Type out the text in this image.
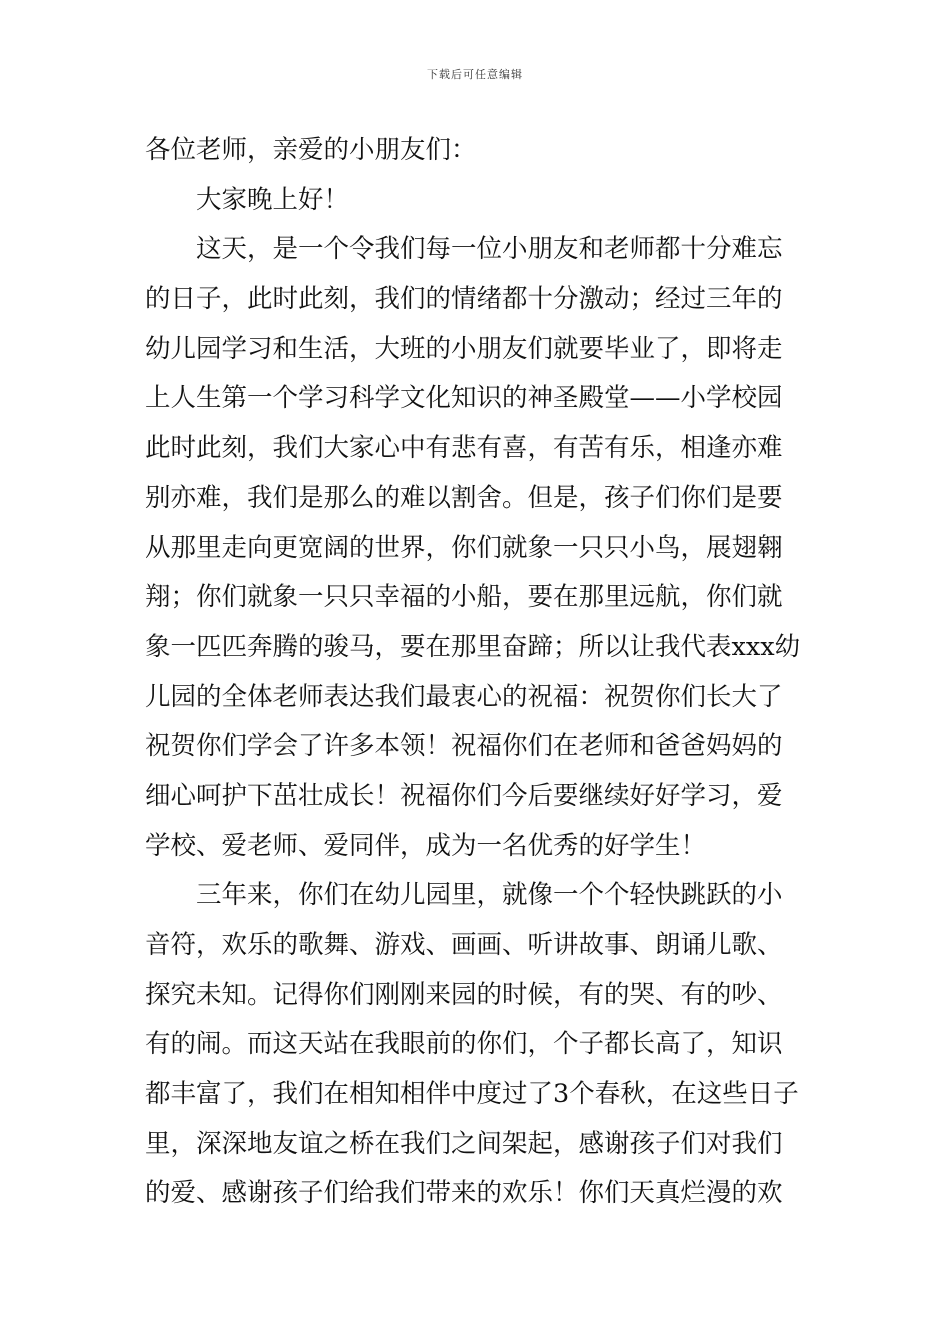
下载后可任意编辑
各位老师，亲爱的小朋友们：
大家晚上好！
这天，是一个令我们每一位小朋友和老师都十分难忘
的日子，此时此刻，我们的情绪都十分激动；经过三年的
幼儿园学习和生活，大班的小朋友们就要毕业了，即将走
上人生第一个学习科学文化知识的神圣殿堂——小学校园
此时此刻，我们大家心中有悲有喜，有苦有乐，相逢亦难
别亦难，我们是那么的难以割舍。但是，孩子们你们是要
从那里走向更宽阔的世界，你们就象一只只小鸟，展翅翱
翔；你们就象一只只幸福的小船，要在那里远航，你们就
象一匹匹奔腾的骏马，要在那里奋蹄；所以让我代表xxx幼
儿园的全体老师表达我们最衷心的祝福：祝贺你们长大了
祝贺你们学会了许多本领！祝福你们在老师和爸爸妈妈的
细心呵护下茁壮成长！祝福你们今后要继续好好学习，爱
学校、爱老师、爱同伴，成为一名优秀的好学生！
三年来，你们在幼儿园里，就像一个个轻快跳跃的小
音符，欢乐的歌舞、游戏、画画、听讲故事、朗诵儿歌、
探究未知。记得你们刚刚来园的时候，有的哭、有的吵、
有的闹。而这天站在我眼前的你们，个子都长高了，知识
都丰富了，我们在相知相伴中度过了3个春秋，在这些日子
里，深深地友谊之桥在我们之间架起，感谢孩子们对我们
的爱、感谢孩子们给我们带来的欢乐！你们天真烂漫的欢
